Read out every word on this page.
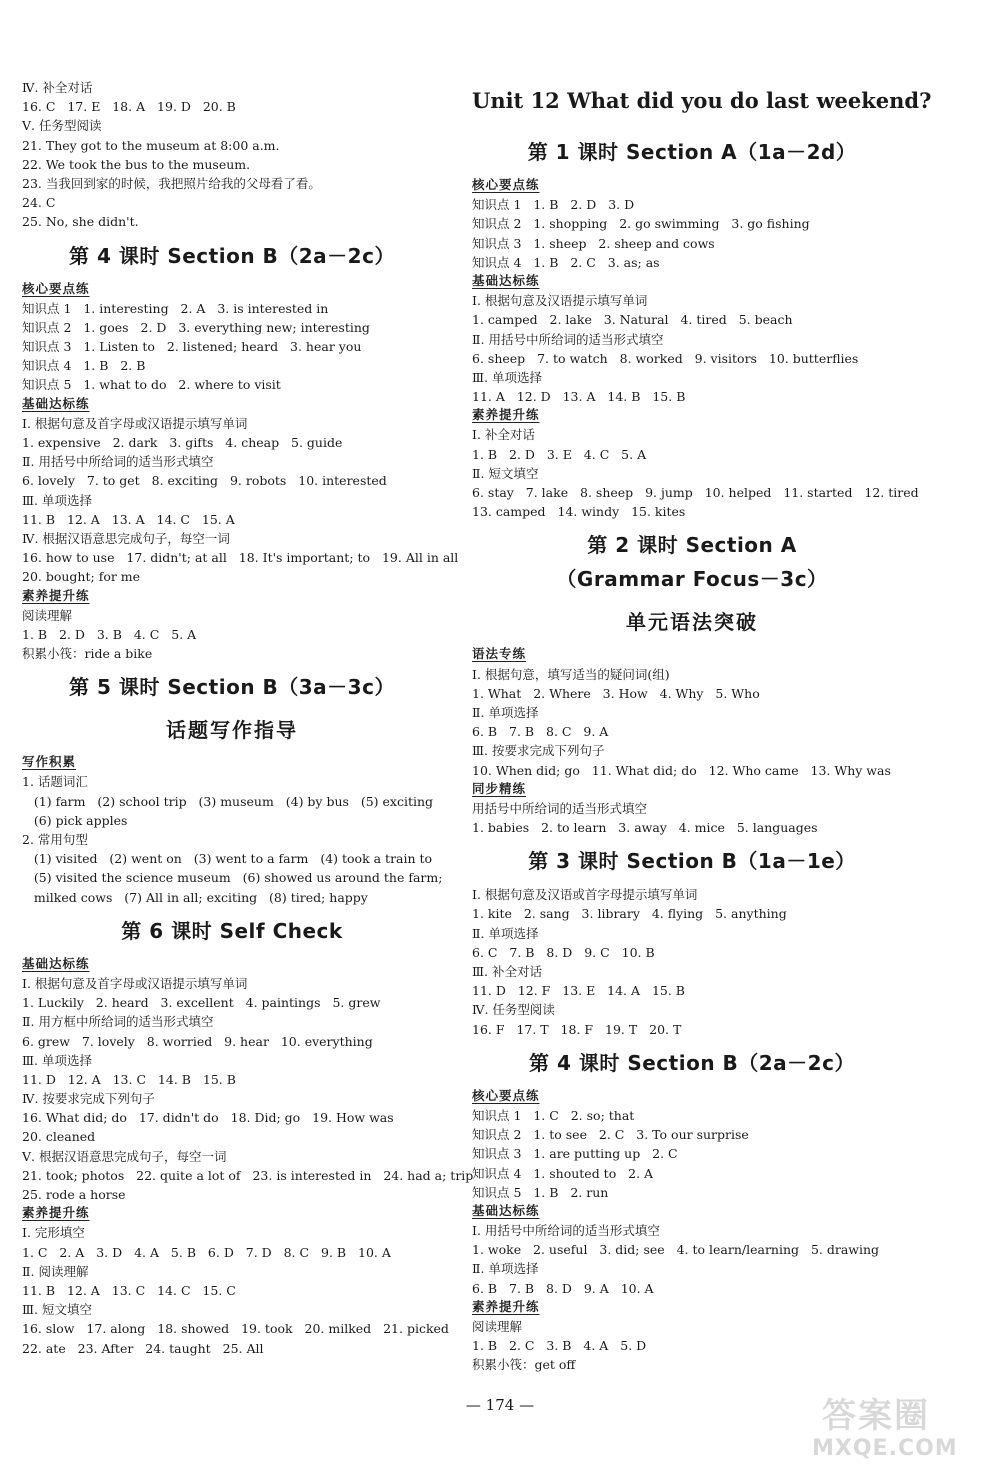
Ⅳ. 补全对话
16. C   17. E   18. A   19. D   20. B
Ⅴ. 任务型阅读
21. They got to the museum at 8:00 a.m.
22. We took the bus to the museum.
23. 当我回到家的时候，我把照片给我的父母看了看。
24. C
25. No, she didn't.
第 4 课时 Section B（2a－2c）
核心要点练
知识点 1   1. interesting   2. A   3. is interested in
知识点 2   1. goes   2. D   3. everything new; interesting
知识点 3   1. Listen to   2. listened; heard   3. hear you
知识点 4   1. B   2. B
知识点 5   1. what to do   2. where to visit
基础达标练
Ⅰ. 根据句意及首字母或汉语提示填写单词
1. expensive   2. dark   3. gifts   4. cheap   5. guide
Ⅱ. 用括号中所给词的适当形式填空
6. lovely   7. to get   8. exciting   9. robots   10. interested
Ⅲ. 单项选择
11. B   12. A   13. A   14. C   15. A
Ⅳ. 根据汉语意思完成句子，每空一词
16. how to use   17. didn't; at all   18. It's important; to   19. All in all
20. bought; for me
素养提升练
阅读理解
1. B   2. D   3. B   4. C   5. A
积累小筏：ride a bike
第 5 课时 Section B（3a－3c）
话题写作指导
写作积累
1. 话题词汇
(1) farm   (2) school trip   (3) museum   (4) by bus   (5) exciting
(6) pick apples
2. 常用句型
(1) visited   (2) went on   (3) went to a farm   (4) took a train to
(5) visited the science museum   (6) showed us around the farm;
milked cows   (7) All in all; exciting   (8) tired; happy
第 6 课时 Self Check
基础达标练
Ⅰ. 根据句意及首字母或汉语提示填写单词
1. Luckily   2. heard   3. excellent   4. paintings   5. grew
Ⅱ. 用方框中所给词的适当形式填空
6. grew   7. lovely   8. worried   9. hear   10. everything
Ⅲ. 单项选择
11. D   12. A   13. C   14. B   15. B
Ⅳ. 按要求完成下列句子
16. What did; do   17. didn't do   18. Did; go   19. How was
20. cleaned
Ⅴ. 根据汉语意思完成句子，每空一词
21. took; photos   22. quite a lot of   23. is interested in   24. had a; trip
25. rode a horse
素养提升练
Ⅰ. 完形填空
1. C   2. A   3. D   4. A   5. B   6. D   7. D   8. C   9. B   10. A
Ⅱ. 阅读理解
11. B   12. A   13. C   14. C   15. C
Ⅲ. 短文填空
16. slow   17. along   18. showed   19. took   20. milked   21. picked
22. ate   23. After   24. taught   25. All
Unit 12 What did you do last weekend?
第 1 课时 Section A（1a－2d）
核心要点练
知识点 1   1. B   2. D   3. D
知识点 2   1. shopping   2. go swimming   3. go fishing
知识点 3   1. sheep   2. sheep and cows
知识点 4   1. B   2. C   3. as; as
基础达标练
Ⅰ. 根据句意及汉语提示填写单词
1. camped   2. lake   3. Natural   4. tired   5. beach
Ⅱ. 用括号中所给词的适当形式填空
6. sheep   7. to watch   8. worked   9. visitors   10. butterflies
Ⅲ. 单项选择
11. A   12. D   13. A   14. B   15. B
素养提升练
Ⅰ. 补全对话
1. B   2. D   3. E   4. C   5. A
Ⅱ. 短文填空
6. stay   7. lake   8. sheep   9. jump   10. helped   11. started   12. tired
13. camped   14. windy   15. kites
第 2 课时 Section A
（Grammar Focus－3c）
单元语法突破
语法专练
Ⅰ. 根据句意，填写适当的疑问词(组)
1. What   2. Where   3. How   4. Why   5. Who
Ⅱ. 单项选择
6. B   7. B   8. C   9. A
Ⅲ. 按要求完成下列句子
10. When did; go   11. What did; do   12. Who came   13. Why was
同步精练
用括号中所给词的适当形式填空
1. babies   2. to learn   3. away   4. mice   5. languages
第 3 课时 Section B（1a－1e）
Ⅰ. 根据句意及汉语或首字母提示填写单词
1. kite   2. sang   3. library   4. flying   5. anything
Ⅱ. 单项选择
6. C   7. B   8. D   9. C   10. B
Ⅲ. 补全对话
11. D   12. F   13. E   14. A   15. B
Ⅳ. 任务型阅读
16. F   17. T   18. F   19. T   20. T
第 4 课时 Section B（2a－2c）
核心要点练
知识点 1   1. C   2. so; that
知识点 2   1. to see   2. C   3. To our surprise
知识点 3   1. are putting up   2. C
知识点 4   1. shouted to   2. A
知识点 5   1. B   2. run
基础达标练
Ⅰ. 用括号中所给词的适当形式填空
1. woke   2. useful   3. did; see   4. to learn/learning   5. drawing
Ⅱ. 单项选择
6. B   7. B   8. D   9. A   10. A
素养提升练
阅读理解
1. B   2. C   3. B   4. A   5. D
积累小筏：get off
— 174 —	答案圈
MXQE.COM
